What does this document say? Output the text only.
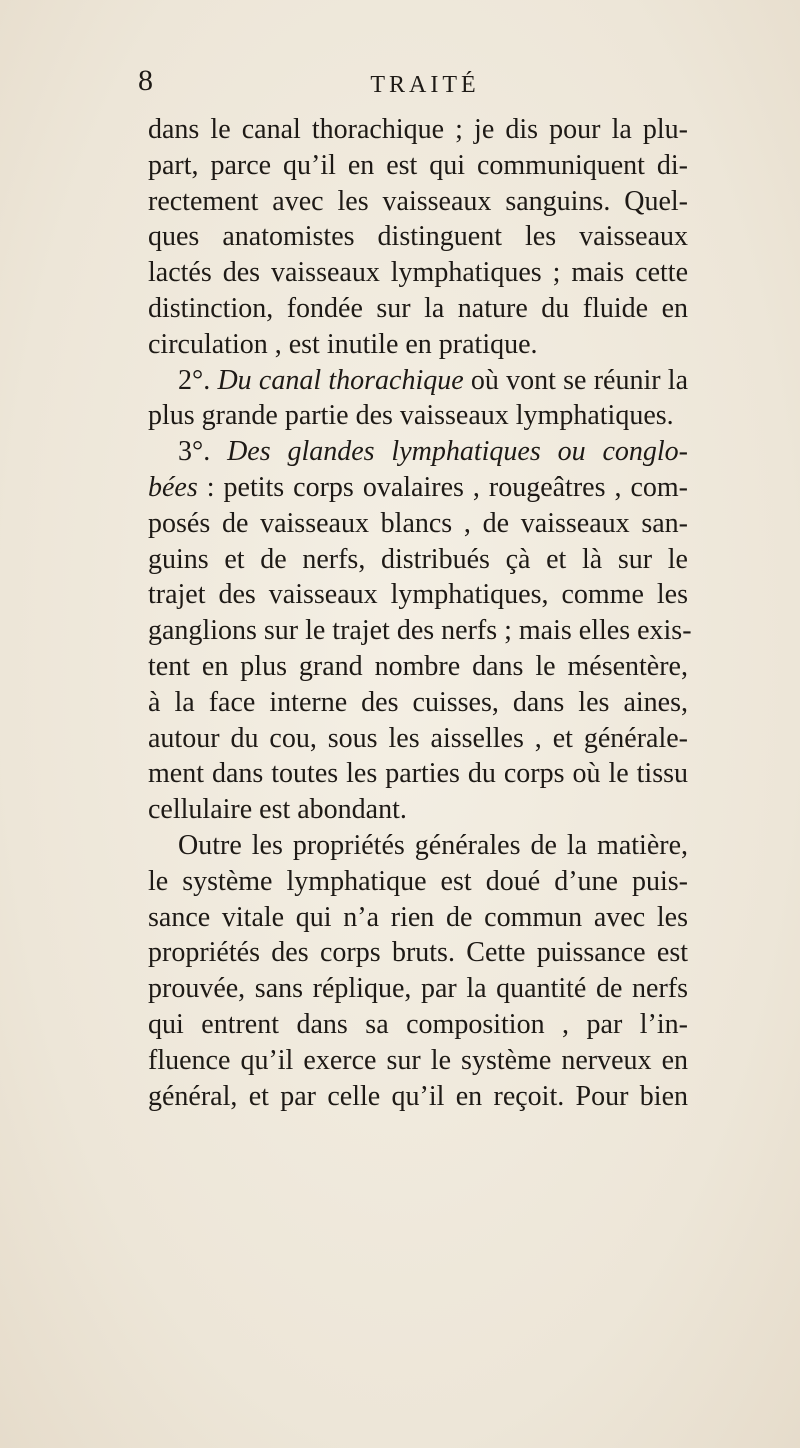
8	TRAITÉ
dans le canal thorachique ; je dis pour la plu-
part, parce qu’il en est qui communiquent di-
rectement avec les vaisseaux sanguins. Quel-
ques anatomistes distinguent les vaisseaux
lactés des vaisseaux lymphatiques ; mais cette
distinction, fondée sur la nature du fluide en
circulation , est inutile en pratique.
2°. Du canal thorachique où vont se réunir la
plus grande partie des vaisseaux lymphatiques.
3°. Des glandes lymphatiques ou conglo-
bées : petits corps ovalaires , rougeâtres , com-
posés de vaisseaux blancs , de vaisseaux san-
guins et de nerfs, distribués çà et là sur le
trajet des vaisseaux lymphatiques, comme les
ganglions sur le trajet des nerfs ; mais elles exis-
tent en plus grand nombre dans le mésentère,
à la face interne des cuisses, dans les aines,
autour du cou, sous les aisselles , et générale-
ment dans toutes les parties du corps où le tissu
cellulaire est abondant.
Outre les propriétés générales de la matière,
le système lymphatique est doué d’une puis-
sance vitale qui n’a rien de commun avec les
propriétés des corps bruts. Cette puissance est
prouvée, sans réplique, par la quantité de nerfs
qui entrent dans sa composition , par l’in-
fluence qu’il exerce sur le système nerveux en
général, et par celle qu’il en reçoit. Pour bien
